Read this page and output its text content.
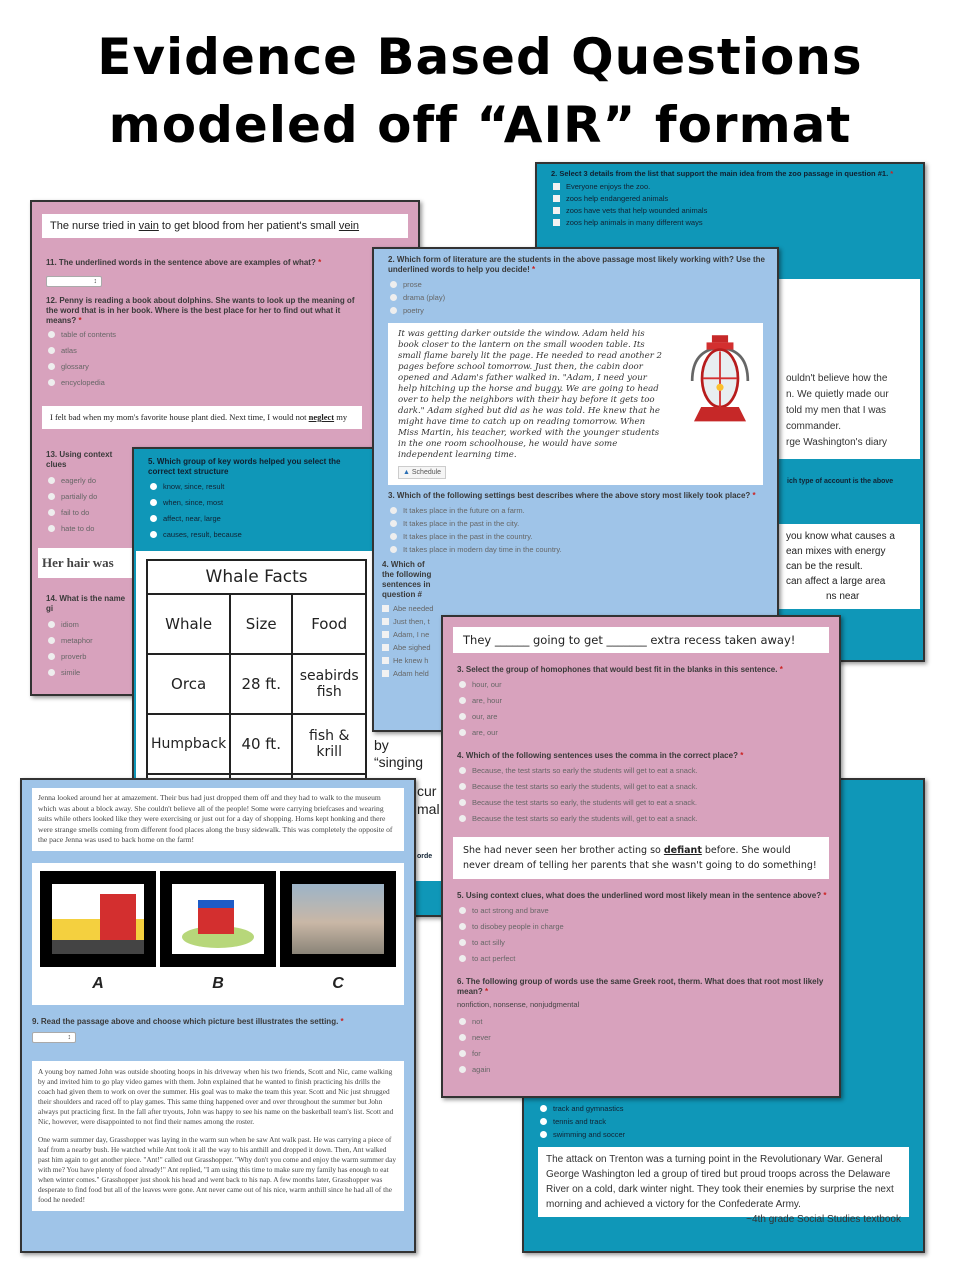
Evidence Based Questions
modeled off “AIR” format
2. Select 3 details from the list that support the main idea from the zoo passage in question #1. *
Everyone enjoys the zoo.
zoos help endangered animals
zoos have vets that help wounded animals
zoos help animals in many different ways
ouldn't believe how the
n. We quietly made our
told my men that I was
commander.
rge Washington's diary
ich type of account is the above
you know what causes a
ean mixes with energy
can be the result.
can affect a large area
ns near
The nurse tried in vain to get blood from her patient's small vein
11. The underlined words in the sentence above are examples of what? *
↕
12. Penny is reading a book about dolphins. She wants to look up the meaning of the word that is in her book. Where is the best place for her to find out what it means? *
table of contents
atlas
glossary
encyclopedia
I felt bad when my mom's favorite house plant died. Next time, I would not neglect my
13. Using context clues
eagerly do
partially do
fail to do
hate to do
Her hair was
14. What is the name gi
idiom
metaphor
proverb
simile
5. Which group of key words helped you select the correct text structure
know, since, result
when, since, most
affect, near, large
causes, result, because
Whale Facts		
Whale	Size	Food
Orca	28 ft.	seabirds fish
Humpback	40 ft.	fish & krill
		by “singing
cur
mal
orde
2. Which form of literature are the students in the above passage most likely working with? Use the underlined words to help you decide! *
prose
drama (play)
poetry
It was getting darker outside the window. Adam held his book closer to the lantern on the small wooden table. Its small flame barely lit the page. He needed to read another 2 pages before school tomorrow. Just then, the cabin door opened and Adam's father walked in. "Adam, I need your help hitching up the horse and buggy. We are going to head over to help the neighbors with their hay before it gets too dark." Adam sighed but did as he was told. He knew that he might have time to catch up on reading tomorrow. When Miss Martin, his teacher, worked with the younger students in the one room schoolhouse, he would have some independent learning time.
▲ Schedule
3. Which of the following settings best describes where the above story most likely took place? *
It takes place in the future on a farm.
It takes place in the past in the city.
It takes place in the past in the country.
It takes place in modern day time in the country.
4. Which of the following sentences in question #
Abe needed
Just then, t
Adam, I ne
Abe sighed
He knew h
Adam held
track and gymnastics
tennis and track
swimming and soccer
The attack on Trenton was a turning point in the Revolutionary War. General George Washington led a group of tired but proud troops across the Delaware River on a cold, dark winter night. They took their enemies by surprise the next morning and achieved a victory for the Confederate Army.
~4th grade Social Studies textbook
They ______ going to get _______ extra recess taken away!
3. Select the group of homophones that would best fit in the blanks in this sentence. *
hour, our
are, hour
our, are
are, our
4. Which of the following sentences uses the comma in the correct place? *
Because, the test starts so early the students will get to eat a snack.
Because the test starts so early the students, will get to eat a snack.
Because the test starts so early, the students will get to eat a snack.
Because the test starts so early the students will, get to eat a snack.
She had never seen her brother acting so defiant before. She would never dream of telling her parents that she wasn't going to do something!
5. Using context clues, what does the underlined word most likely mean in the sentence above? *
to act strong and brave
to disobey people in charge
to act silly
to act perfect
6. The following group of words use the same Greek root, therm. What does that root most likely mean? *
nonfiction, nonsense, nonjudgmental
not
never
for
again
Jenna looked around her at amazement. Their bus had just dropped them off and they had to walk to the museum which was about a block away. She couldn't believe all of the people! Some were carrying briefcases and wearing suits while others looked like they were exercising or just out for a day of shopping. Horns kept honking and there were strange smells coming from different food places along the busy sidewalk. This was completely the opposite of the pace Jenna was used to back home on the farm!
A	B	C
9. Read the passage above and choose which picture best illustrates the setting. *
↕
A young boy named John was outside shooting hoops in his driveway when his two friends, Scott and Nic, came walking by and invited him to go play video games with them. John explained that he wanted to finish practicing his drills the coach had given them to work on over the summer. His goal was to make the team this year. Scott and Nic just shrugged their shoulders and raced off to play games. This same thing happened over and over throughout the summer but John always put practicing first. In the fall after tryouts, John was happy to see his name on the basketball team's list. Scott and Nic, however, were disappointed to not find their names among the roster.
One warm summer day, Grasshopper was laying in the warm sun when he saw Ant walk past. He was carrying a piece of leaf from a nearby bush. He watched while Ant took it all the way to his anthill and dropped it down. Then, Ant walked past him again to get another piece. "Ant!" called out Grasshopper. "Why don't you come and enjoy the warm summer day with me? You have plenty of food already!" Ant replied, "I am using this time to make sure my family has enough to eat when winter comes." Grasshopper just shook his head and went back to his nap. A few months later, Grasshopper was desperate to find food but all of the leaves were gone. Ant never came out of his nice, warm anthill since he had all of the food he needed!
